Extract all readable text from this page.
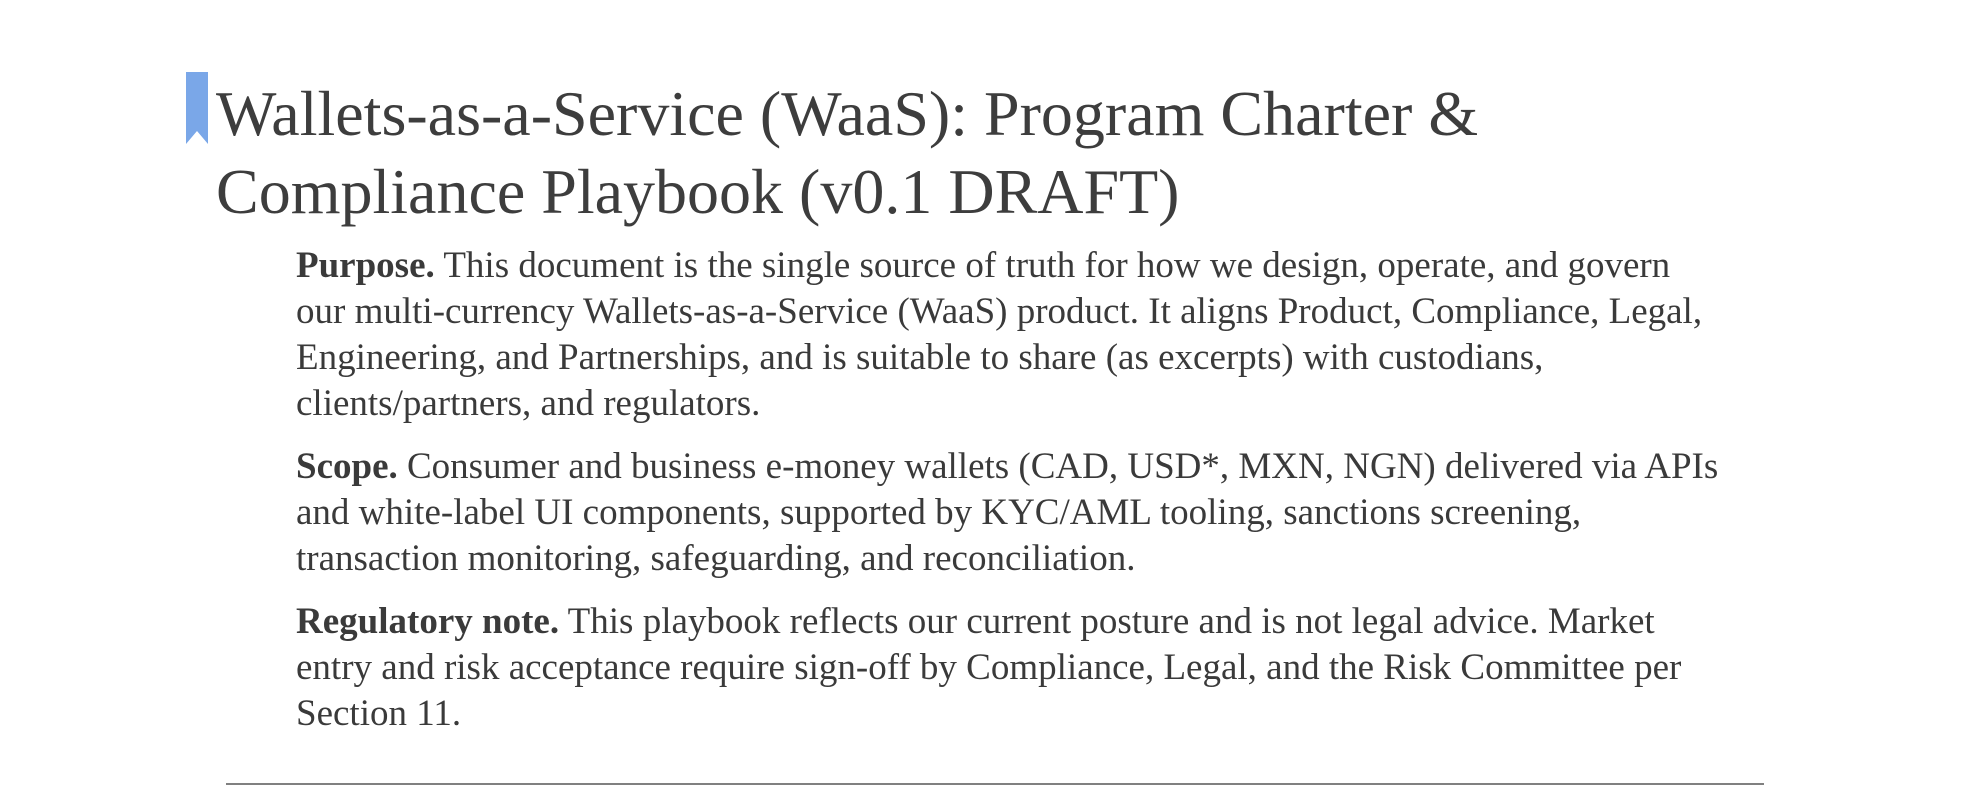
Wallets-as-a-Service (WaaS): Program Charter & Compliance Playbook (v0.1 DRAFT)

Purpose. This document is the single source of truth for how we design, operate, and govern our multi-currency Wallets-as-a-Service (WaaS) product. It aligns Product, Compliance, Legal, Engineering, and Partnerships, and is suitable to share (as excerpts) with custodians, clients/partners, and regulators.

Scope. Consumer and business e-money wallets (CAD, USD*, MXN, NGN) delivered via APIs and white-label UI components, supported by KYC/AML tooling, sanctions screening, transaction monitoring, safeguarding, and reconciliation.

Regulatory note. This playbook reflects our current posture and is not legal advice. Market entry and risk acceptance require sign-off by Compliance, Legal, and the Risk Committee per Section 11.
